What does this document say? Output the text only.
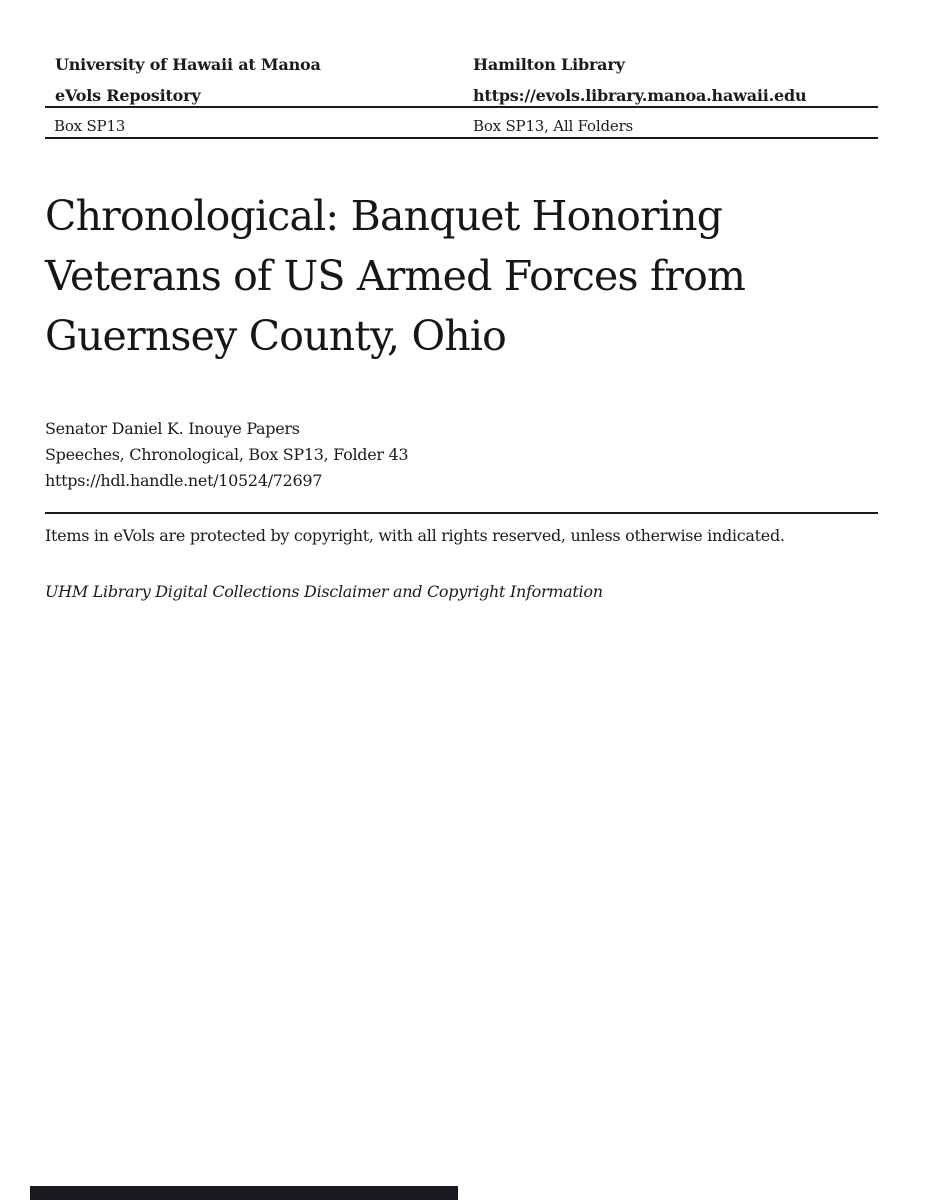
University of Hawaii at Manoa	Hamilton Library
eVols Repository	https://evols.library.manoa.hawaii.edu
Box SP13	Box SP13, All Folders
Chronological: Banquet Honoring
Veterans of US Armed Forces from
Guernsey County, Ohio
Senator Daniel K. Inouye Papers
Speeches, Chronological, Box SP13, Folder 43
https://hdl.handle.net/10524/72697
Items in eVols are protected by copyright, with all rights reserved, unless otherwise indicated.
UHM Library Digital Collections Disclaimer and Copyright Information
